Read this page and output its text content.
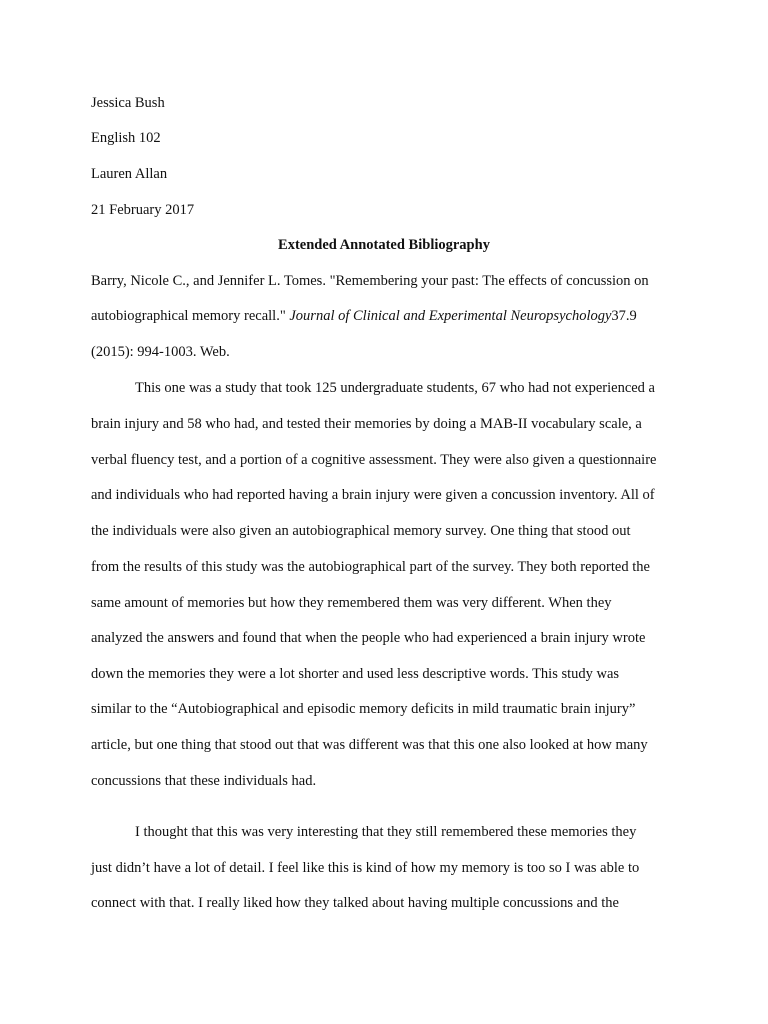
Jessica Bush
English 102
Lauren Allan
21 February 2017
Extended Annotated Bibliography
Barry, Nicole C., and Jennifer L. Tomes. "Remembering your past: The effects of concussion on
autobiographical memory recall." Journal of Clinical and Experimental Neuropsychology37.9
(2015): 994-1003. Web.
This one was a study that took 125 undergraduate students, 67 who had not experienced a
brain injury and 58 who had, and tested their memories by doing a MAB-II vocabulary scale, a
verbal fluency test, and a portion of a cognitive assessment. They were also given a questionnaire
and individuals who had reported having a brain injury were given a concussion inventory. All of
the individuals were also given an autobiographical memory survey. One thing that stood out
from the results of this study was the autobiographical part of the survey. They both reported the
same amount of memories but how they remembered them was very different. When they
analyzed the answers and found that when the people who had experienced a brain injury wrote
down the memories they were a lot shorter and used less descriptive words. This study was
similar to the “Autobiographical and episodic memory deficits in mild traumatic brain injury”
article, but one thing that stood out that was different was that this one also looked at how many
concussions that these individuals had.
I thought that this was very interesting that they still remembered these memories they
just didn’t have a lot of detail. I feel like this is kind of how my memory is too so I was able to
connect with that. I really liked how they talked about having multiple concussions and the
